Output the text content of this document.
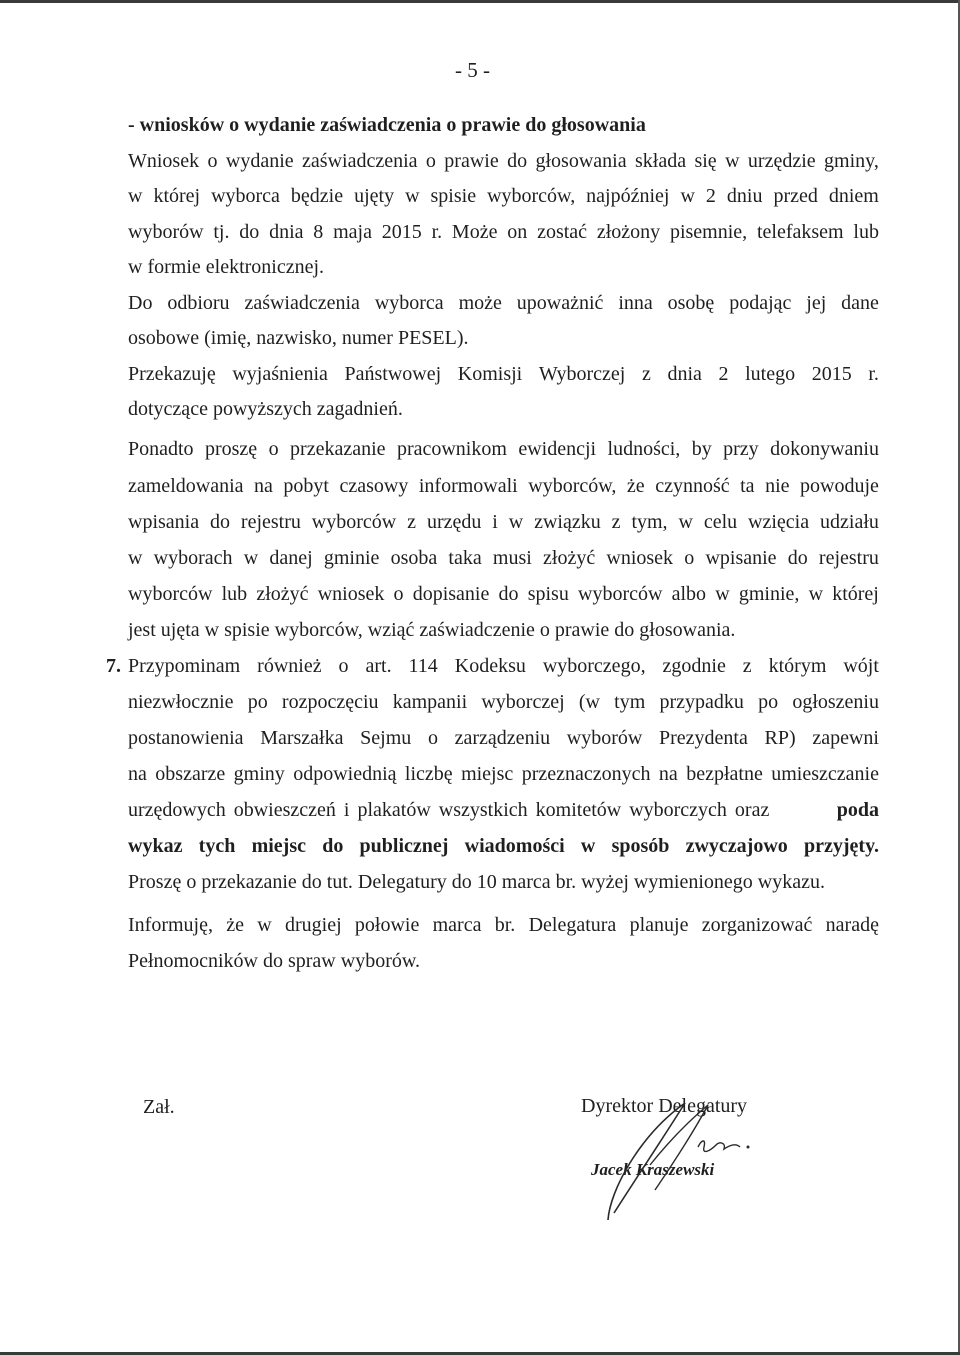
- 5 -
- wniosków o wydanie zaświadczenia o prawie do głosowania
Wniosek o wydanie zaświadczenia o prawie do głosowania składa się w urzędzie gminy,
w której wyborca będzie ujęty w spisie wyborców, najpóźniej w 2 dniu przed dniem
wyborów tj. do dnia 8 maja 2015 r. Może on zostać złożony pisemnie, telefaksem lub
w formie elektronicznej.
Do odbioru zaświadczenia wyborca może upoważnić inna osobę podając jej dane
osobowe (imię, nazwisko, numer PESEL).
Przekazuję wyjaśnienia Państwowej Komisji Wyborczej z dnia 2 lutego 2015 r.
dotyczące powyższych zagadnień.
Ponadto proszę o przekazanie pracownikom ewidencji ludności, by przy dokonywaniu
zameldowania na pobyt czasowy informowali wyborców, że czynność ta nie powoduje
wpisania do rejestru wyborców z urzędu i w związku z tym, w celu wzięcia udziału
w wyborach w danej gminie osoba taka musi złożyć wniosek o wpisanie do rejestru
wyborców lub złożyć wniosek o dopisanie do spisu wyborców albo w gminie, w której
jest ujęta w spisie wyborców, wziąć zaświadczenie o prawie do głosowania.
7. Przypominam również o art. 114 Kodeksu wyborczego, zgodnie z którym wójt
niezwłocznie po rozpoczęciu kampanii wyborczej (w tym przypadku po ogłoszeniu
postanowienia Marszałka Sejmu o zarządzeniu wyborów Prezydenta RP) zapewni
na obszarze gminy odpowiednią liczbę miejsc przeznaczonych na bezpłatne umieszczanie
urzędowych obwieszczeń i plakatów wszystkich komitetów wyborczych oraz	poda
wykaz tych miejsc do publicznej wiadomości w sposób zwyczajowo przyjęty.
Proszę o przekazanie do tut. Delegatury do 10 marca br. wyżej wymienionego wykazu.
Informuję, że w drugiej połowie marca br. Delegatura planuje zorganizować naradę
Pełnomocników do spraw wyborów.
Zał.	Dyrektor Delegatury
Jacek Kraszewski
